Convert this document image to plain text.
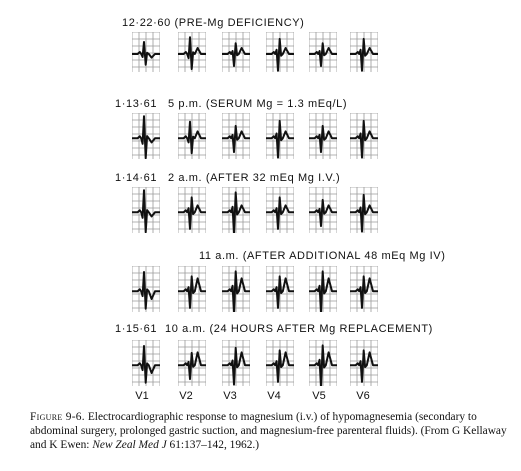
12·22·60 (PRE-Mg DEFICIENCY)
1·13·61 5 p.m. (SERUM Mg = 1.3 mEq/L)
1·14·61 2 a.m. (AFTER 32 mEq Mg I.V.)
11 a.m. (AFTER ADDITIONAL 48 mEq Mg IV)
1·15·61 10 a.m. (24 HOURS AFTER Mg REPLACEMENT)
V1	V2	V3	V4	V5	V6
Figure 9-6. Electrocardiographic response to magnesium (i.v.) of hypomagnesemia (secondary to abdominal surgery, prolonged gastric suction, and magnesium-free parenteral fluids). (From G Kellaway and K Ewen: New Zeal Med J 61:137–142, 1962.)
